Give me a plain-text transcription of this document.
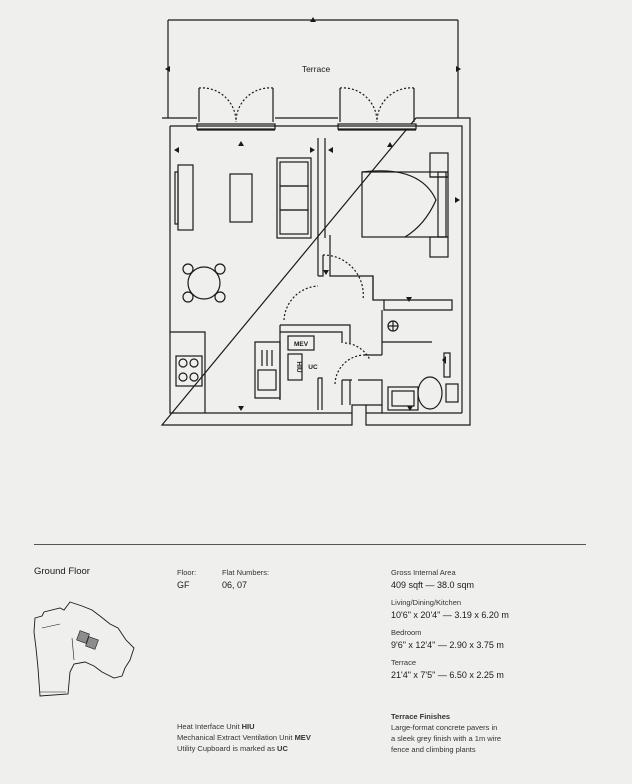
Terrace
MEV
HIU UC
Ground Floor	Floor:
GF
Flat Numbers:
06, 07
Gross Internal Area
409 sqft — 38.0 sqm
Living/Dining/Kitchen
10'6" x 20'4" — 3.19 x 6.20 m
Bedroom
9'6" x 12'4" — 2.90 x 3.75 m
Terrace
21'4" x 7'5" — 6.50 x 2.25 m
Heat Interface Unit HIU
Mechanical Extract Ventilation Unit MEV
Utility Cupboard is marked as UC
Terrace Finishes
Large-format concrete pavers in
a sleek grey finish with a 1m wire
fence and climbing plants
